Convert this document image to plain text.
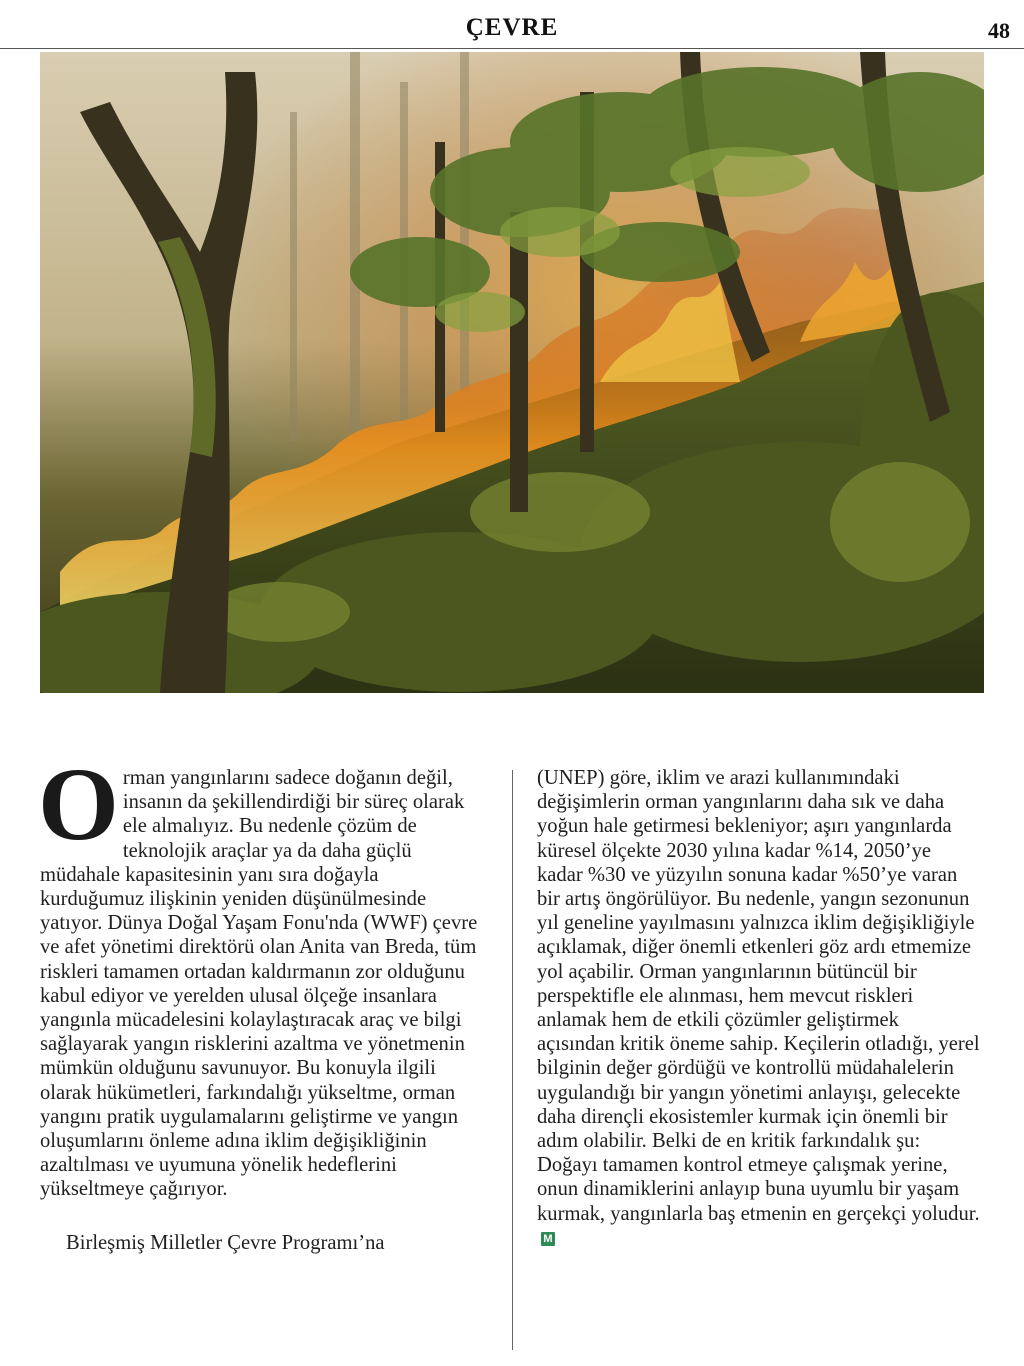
ÇEVRE	48

Orman yangınlarını sadece doğanın değil, insanın da şekillendirdiği bir süreç olarak ele almalıyız. Bu nedenle çözüm de teknolojik araçlar ya da daha güçlü müdahale kapasitesinin yanı sıra doğayla kurduğumuz ilişkinin yeniden düşünülmesinde yatıyor. Dünya Doğal Yaşam Fonu'nda (WWF) çevre ve afet yönetimi direktörü olan Anita van Breda, tüm riskleri tamamen ortadan kaldırmanın zor olduğunu kabul ediyor ve yerelden ulusal ölçeğe insanlara yangınla mücadelesini kolaylaştıracak araç ve bilgi sağlayarak yangın risklerini azaltma ve yönetmenin mümkün olduğunu savunuyor. Bu konuyla ilgili olarak hükümetleri, farkındalığı yükseltme, orman yangını pratik uygulamalarını geliştirme ve yangın oluşumlarını önleme adına iklim değişikliğinin azaltılması ve uyumuna yönelik hedeflerini yükseltmeye çağırıyor.

Birleşmiş Milletler Çevre Programı’na

(UNEP) göre, iklim ve arazi kullanımındaki değişimlerin orman yangınlarını daha sık ve daha yoğun hale getirmesi bekleniyor; aşırı yangınlarda küresel ölçekte 2030 yılına kadar %14, 2050’ye kadar %30 ve yüzyılın sonuna kadar %50’ye varan bir artış öngörülüyor. Bu nedenle, yangın sezonunun yıl geneline yayılmasını yalnızca iklim değişikliğiyle açıklamak, diğer önemli etkenleri göz ardı etmemize yol açabilir. Orman yangınlarının bütüncül bir perspektifle ele alınması, hem mevcut riskleri anlamak hem de etkili çözümler geliştirmek açısından kritik öneme sahip. Keçilerin otladığı, yerel bilginin değer gördüğü ve kontrollü müdahalelerin uygulandığı bir yangın yönetimi anlayışı, gelecekte daha dirençli ekosistemler kurmak için önemli bir adım olabilir. Belki de en kritik farkındalık şu: Doğayı tamamen kontrol etmeye çalışmak yerine, onun dinamiklerini anlayıp buna uyumlu bir yaşam kurmak, yangınlarla baş etmenin en gerçekçi yoludur.M
